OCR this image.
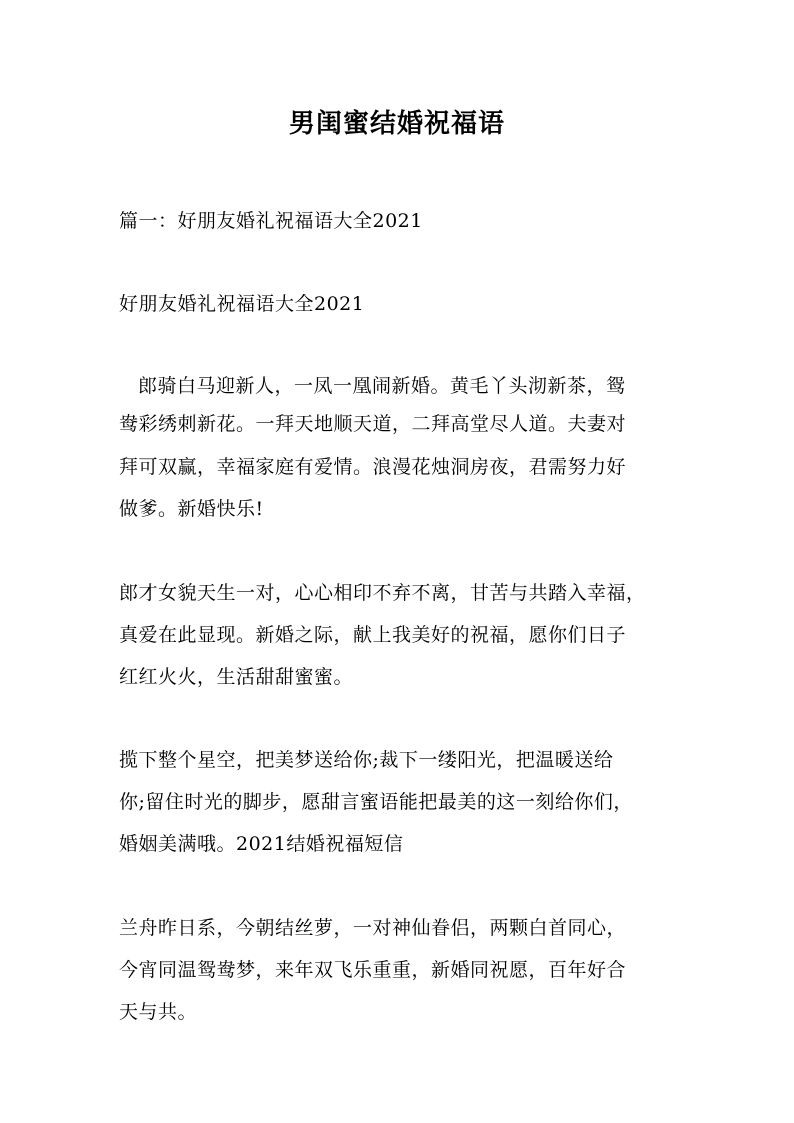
男闺蜜结婚祝福语
篇一：好朋友婚礼祝福语大全2021
好朋友婚礼祝福语大全2021
郎骑白马迎新人，一凤一凰闹新婚。黄毛丫头沏新茶，鸳
鸯彩绣刺新花。一拜天地顺天道，二拜高堂尽人道。夫妻对
拜可双赢，幸福家庭有爱情。浪漫花烛洞房夜，君需努力好
做爹。新婚快乐!
郎才女貌天生一对，心心相印不弃不离，甘苦与共踏入幸福，
真爱在此显现。新婚之际，献上我美好的祝福，愿你们日子
红红火火，生活甜甜蜜蜜。
揽下整个星空，把美梦送给你;裁下一缕阳光，把温暖送给
你;留住时光的脚步，愿甜言蜜语能把最美的这一刻给你们，
婚姻美满哦。2021结婚祝福短信
兰舟昨日系，今朝结丝萝，一对神仙眷侣，两颗白首同心，
今宵同温鸳鸯梦，来年双飞乐重重，新婚同祝愿，百年好合
天与共。
